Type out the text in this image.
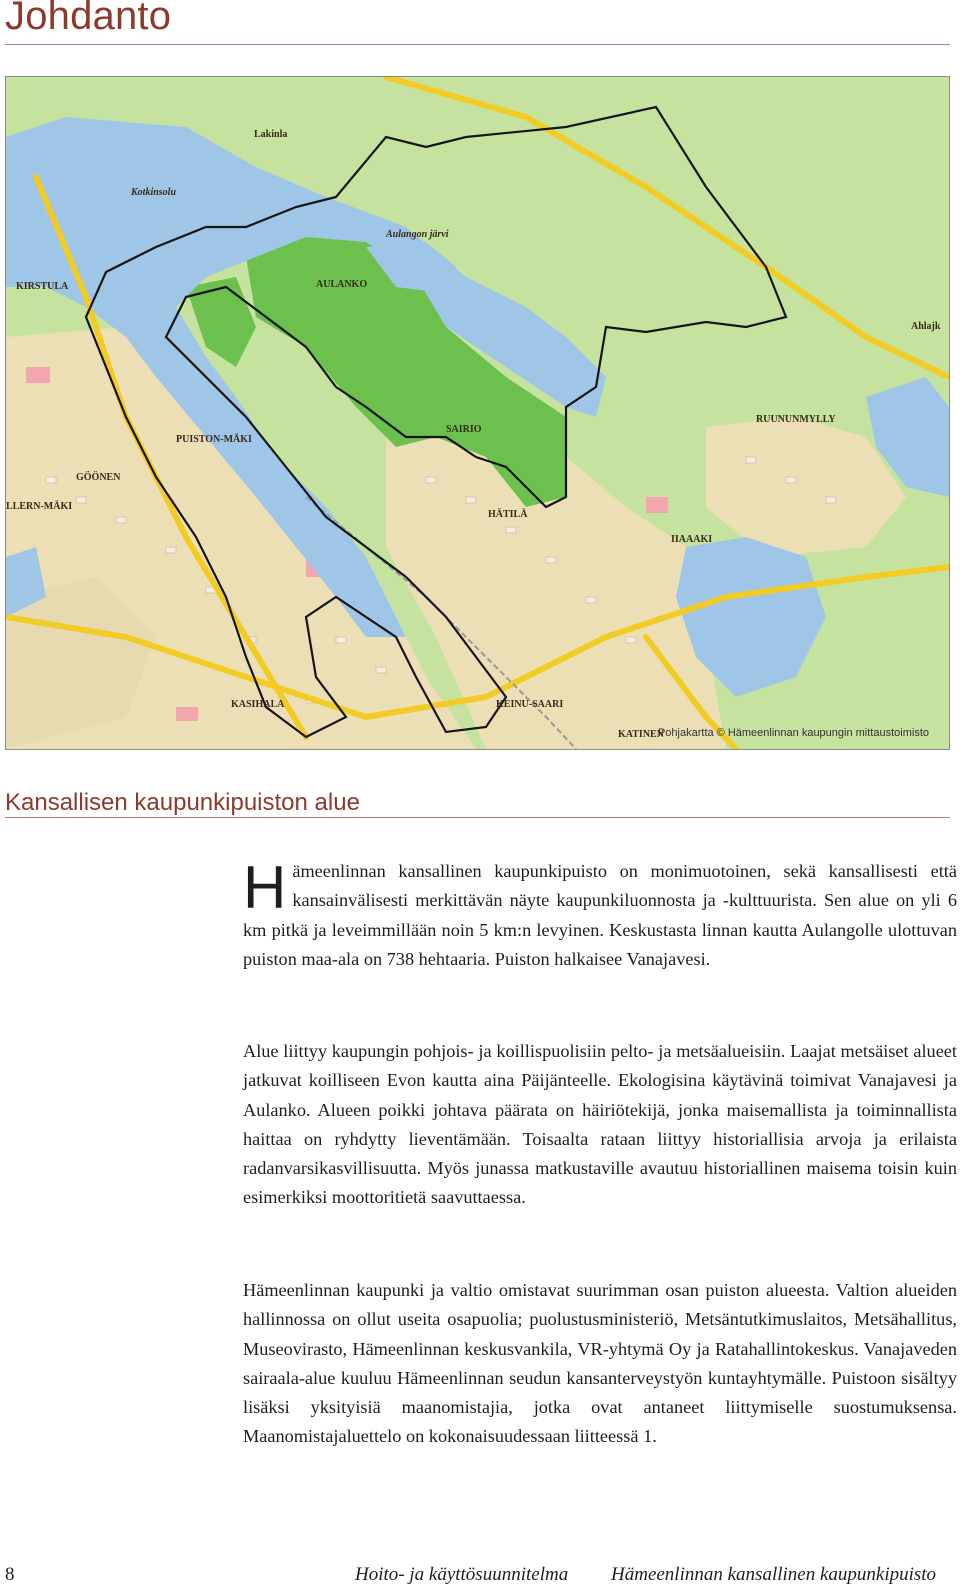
Johdanto
Lakinla
Kotkinsolu
Aulangon järvi
AULANKO
KIRSTULA
PUISTON-MÄKI
SAIRIO
RUUNUNMYLLY
GÖÖNEN
LLERN-MÄKI
HÄTILÄ
IIAAAKI
KASIHALA	KEINU-SAARI
KATINEN
Ahlajk
Pohjakartta © Hämeenlinnan kaupungin mittaustoimisto
Kansallisen kaupunkipuiston alue

H ämeenlinnan kansallinen kaupunkipuisto on monimuotoinen, sekä kansallisesti että kansainvälisesti merkittävän näyte kaupunkiluonnosta ja -kulttuurista. Sen alue on yli 6 km pitkä ja leveimmillään noin 5 km:n levyinen. Keskustasta linnan kautta Aulangolle ulottuvan puiston maa-ala on 738 hehtaaria. Puiston halkaisee Vanajavesi.

Alue liittyy kaupungin pohjois- ja koillispuolisiin pelto- ja metsäalueisiin. Laajat metsäiset alueet jatkuvat koilliseen Evon kautta aina Päijänteelle. Ekologisina käytävinä toimivat Vanajavesi ja Aulanko. Alueen poikki johtava päärata on häiriötekijä, jonka maisemallista ja toiminnallista haittaa on ryhdytty lieventämään. Toisaalta rataan liittyy historiallisia arvoja ja erilaista radanvarsikasvillisuutta. Myös junassa matkustaville avautuu historiallinen maisema toisin kuin esimerkiksi moottoritietä saavuttaessa.

Hämeenlinnan kaupunki ja valtio omistavat suurimman osan puiston alueesta. Valtion alueiden hallinnossa on ollut useita osapuolia; puolustusministeriö, Metsäntutkimuslaitos, Metsähallitus, Museovirasto, Hämeenlinnan keskusvankila, VR-yhtymä Oy ja Ratahallintokeskus. Vanajaveden sairaala-alue kuuluu Hämeenlinnan seudun kansanterveystyön kuntayhtymälle. Puistoon sisältyy lisäksi yksityisiä maanomistajia, jotka ovat antaneet liittymiselle suostumuksensa. Maanomistajaluettelo on kokonaisuudessaan liitteessä 1.

8	Hoito- ja käyttösuunnitelma Hämeenlinnan kansallinen kaupunkipuisto
